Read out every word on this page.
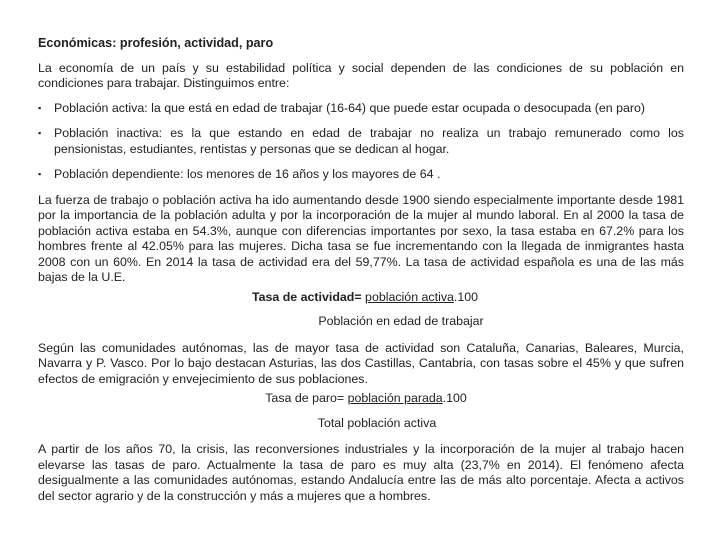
Económicas: profesión, actividad, paro

La economía de un país y su estabilidad política y social dependen de las condiciones de su población en condiciones para trabajar. Distinguimos entre:

▪ Población activa: la que está en edad de trabajar (16-64) que puede estar ocupada o desocupada (en paro)
▪ Población inactiva: es la que estando en edad de trabajar no realiza un trabajo remunerado como los pensionistas, estudiantes, rentistas y personas que se dedican al hogar.
▪ Población dependiente: los menores de 16 años y los mayores de 64 .

La fuerza de trabajo o población activa ha ido aumentando desde 1900 siendo especialmente importante desde 1981 por la importancia de la población adulta y por la incorporación de la mujer al mundo laboral. En al 2000 la tasa de población activa estaba en 54.3%, aunque con diferencias importantes por sexo, la tasa estaba en 67.2% para los hombres frente al 42.05% para las mujeres. Dicha tasa se fue incrementando con la llegada de inmigrantes hasta 2008 con un 60%. En 2014 la tasa de actividad era del 59,77%. La tasa de actividad española es una de las más bajas de la U.E.

Tasa de actividad= población activa.100
Población en edad de trabajar

Según las comunidades autónomas, las de mayor tasa de actividad son Cataluña, Canarias, Baleares, Murcia, Navarra y P. Vasco. Por lo bajo destacan Asturias, las dos Castillas, Cantabria, con tasas sobre el 45% y que sufren efectos de emigración y envejecimiento de sus poblaciones.

Tasa de paro= población parada.100
Total población activa

A partir de los años 70, la crisis, las reconversiones industriales y la incorporación de la mujer al trabajo hacen elevarse las tasas de paro. Actualmente la tasa de paro es muy alta (23,7% en 2014). El fenómeno afecta desigualmente a las comunidades autónomas, estando Andalucía entre las de más alto porcentaje. Afecta a activos del sector agrario y de la construcción y más a mujeres que a hombres.
